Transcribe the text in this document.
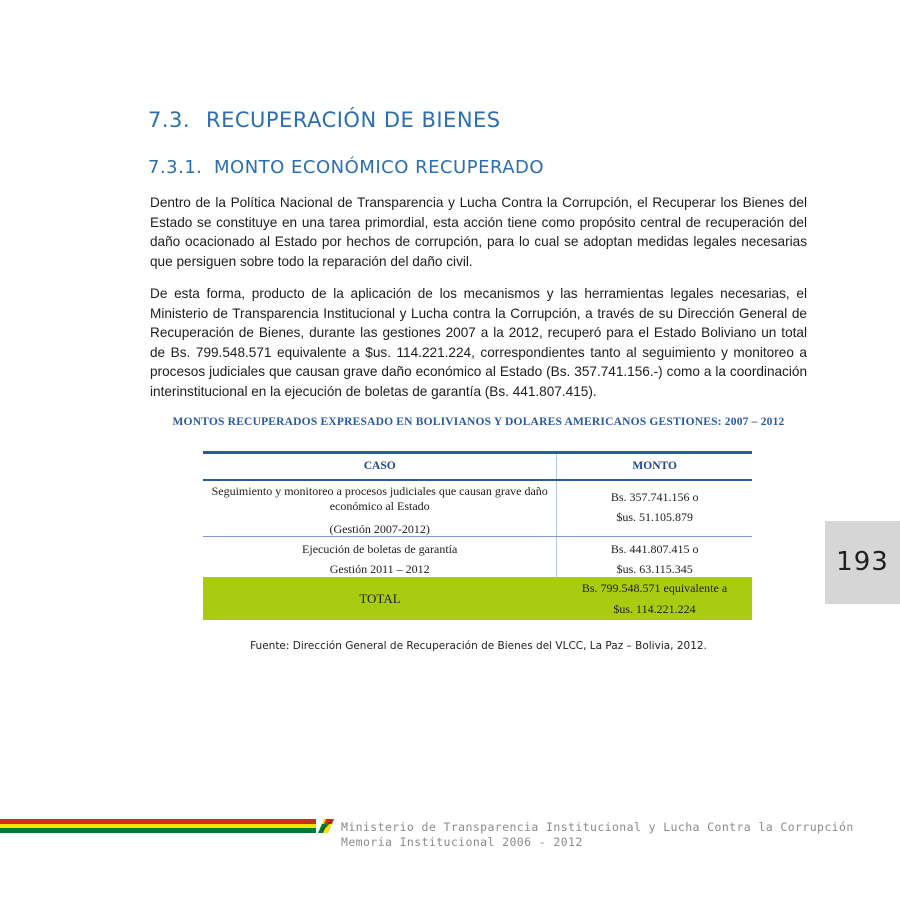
7.3. RECUPERACIÓN DE BIENES
7.3.1. MONTO ECONÓMICO RECUPERADO

Dentro de la Política Nacional de Transparencia y Lucha Contra la Corrupción, el Recuperar los Bienes del Estado se constituye en una tarea primordial, esta acción tiene como propósito central de recuperación del daño ocacionado al Estado por hechos de corrupción, para lo cual se adoptan medidas legales necesarias que persiguen sobre todo la reparación del daño civil.

De esta forma, producto de la aplicación de los mecanismos y las herramientas legales necesarias, el Ministerio de Transparencia Institucional y Lucha contra la Corrupción, a través de su Dirección General de Recuperación de Bienes, durante las gestiones 2007 a la 2012, recuperó para el Estado Boliviano un total de Bs. 799.548.571 equivalente a $us. 114.221.224, correspondientes tanto al seguimiento y monitoreo a procesos judiciales que causan grave daño económico al Estado (Bs. 357.741.156.-) como a la coordinación interinstitucional en la ejecución de boletas de garantía (Bs. 441.807.415).

MONTOS RECUPERADOS EXPRESADO EN BOLIVIANOS Y DOLARES AMERICANOS GESTIONES: 2007 – 2012
CASO	MONTO
Seguimiento y monitoreo a procesos judiciales que causan grave daño económico al Estado
(Gestión 2007-2012)
Bs. 357.741.156 o
$us. 51.105.879
Ejecución de boletas de garantía
Gestión 2011 – 2012
Bs. 441.807.415 o
$us. 63.115.345
TOTAL
Bs. 799.548.571 equivalente a
$us. 114.221.224
Fuente: Dirección General de Recuperación de Bienes del VLCC, La Paz – Bolivia, 2012.
193
Ministerio de Transparencia Institucional y Lucha Contra la Corrupción
Memoria Institucional 2006 - 2012
